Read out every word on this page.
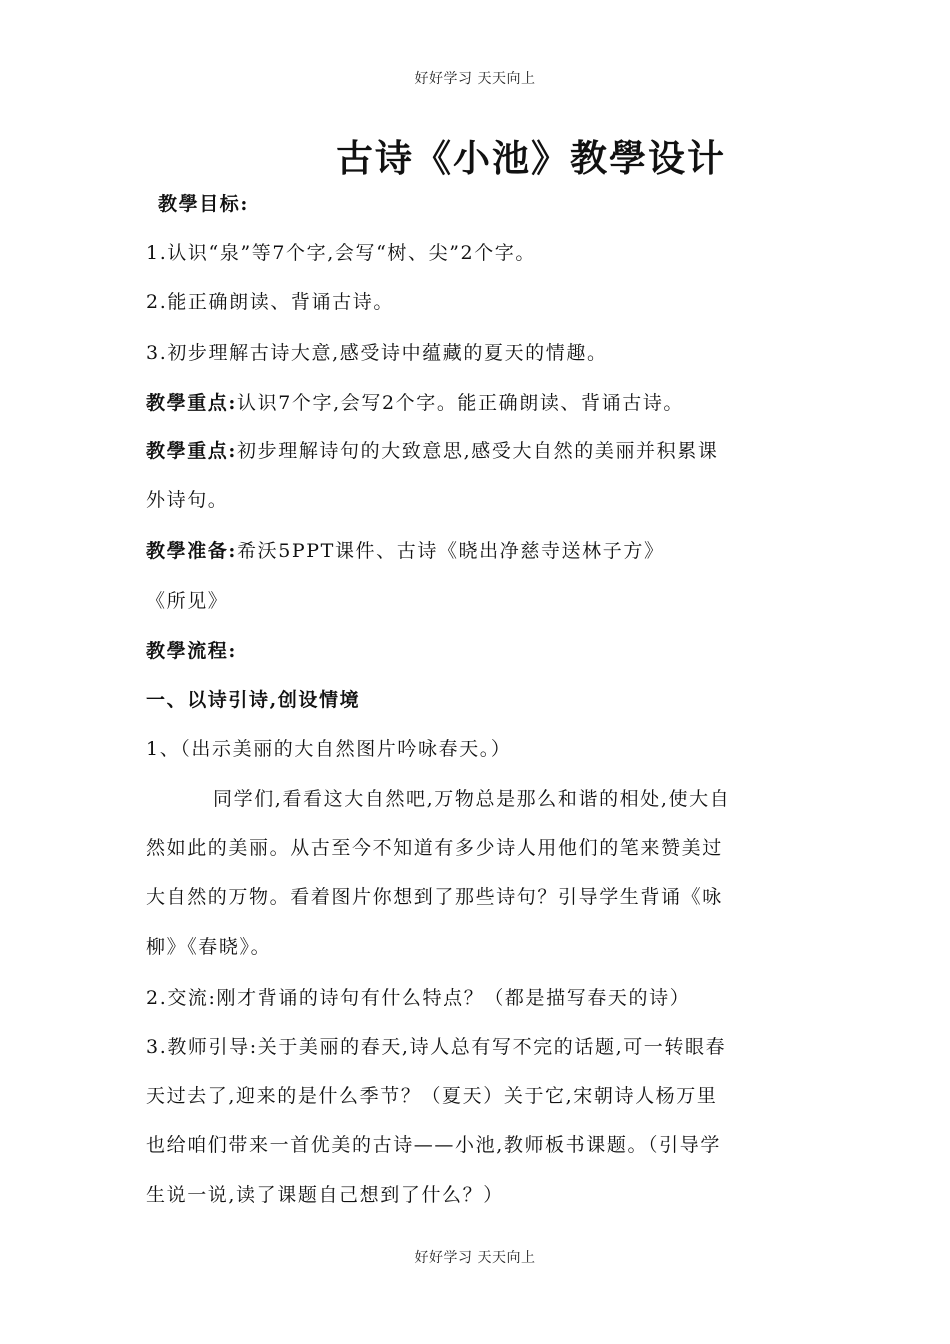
好好学习 天天向上
古诗《小池》教學设计
教學目标:
1.认识“泉”等7个字,会写“树、尖”2个字。
2.能正确朗读、背诵古诗。
3.初步理解古诗大意,感受诗中蕴藏的夏天的情趣。
教學重点:认识7个字,会写2个字。能正确朗读、背诵古诗。
教學重点:初步理解诗句的大致意思,感受大自然的美丽并积累课
外诗句。
教學准备:希沃5PPT课件、古诗《晓出净慈寺送林子方》
《所见》
教學流程:
一、以诗引诗,创设情境
1、（出示美丽的大自然图片吟咏春天。）
同学们,看看这大自然吧,万物总是那么和谐的相处,使大自
然如此的美丽。从古至今不知道有多少诗人用他们的笔来赞美过
大自然的万物。看着图片你想到了那些诗句？引导学生背诵《咏
柳》《春晓》。
2.交流:刚才背诵的诗句有什么特点？（都是描写春天的诗）
3.教师引导:关于美丽的春天,诗人总有写不完的话题,可一转眼春
天过去了,迎来的是什么季节？（夏天）关于它,宋朝诗人杨万里
也给咱们带来一首优美的古诗——小池,教师板书课题。（引导学
生说一说,读了课题自己想到了什么？）
好好学习 天天向上
